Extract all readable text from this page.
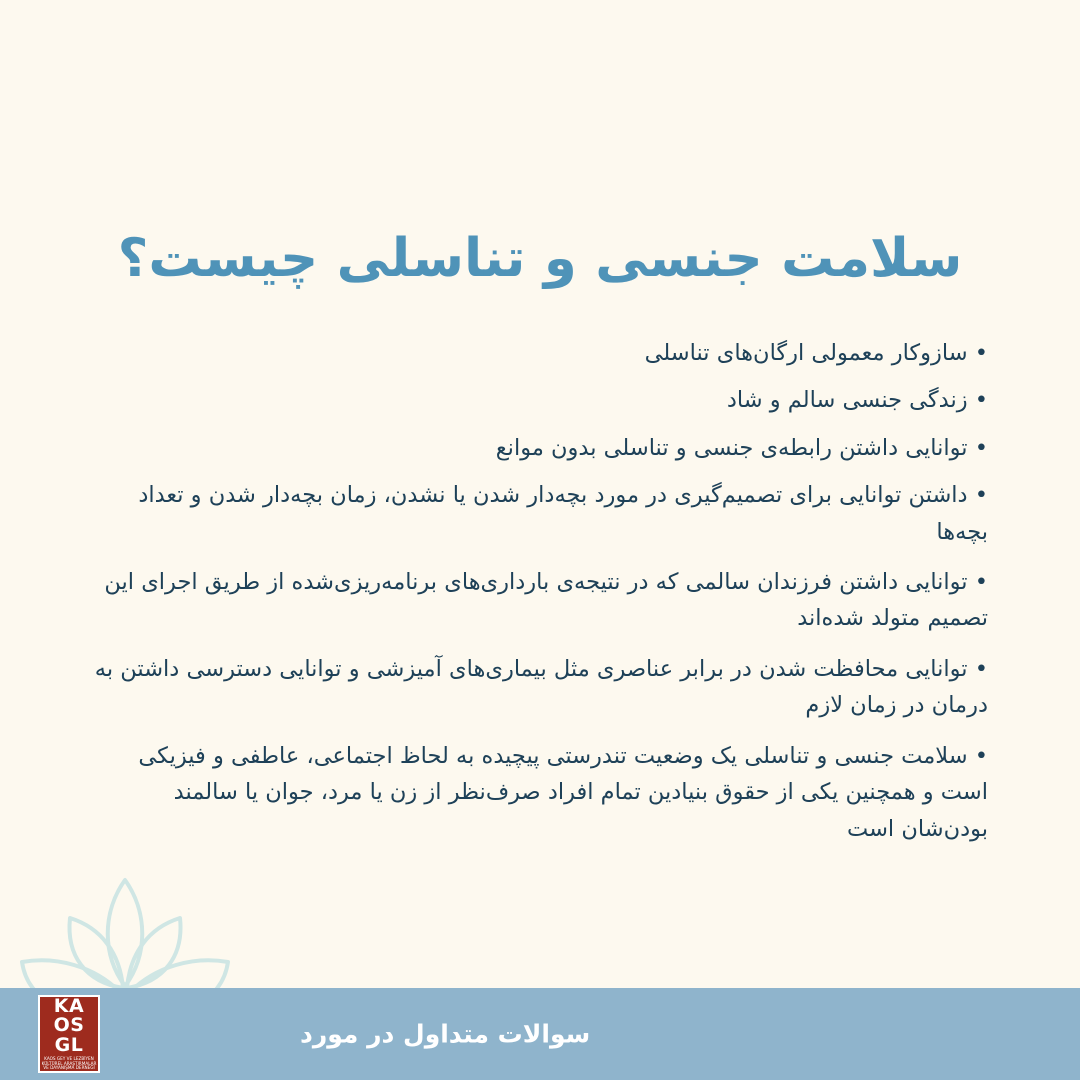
سلامت جنسی و تناسلی چیست؟
• سازوکار معمولی ارگان‌های تناسلی
• زندگی جنسی سالم و شاد
• توانایی داشتن رابطه‌ی جنسی و تناسلی بدون موانع
• داشتن توانایی برای تصمیم‌گیری در مورد بچه‌دار شدن یا نشدن، زمان بچه‌دار شدن و تعداد بچه‌ها
• توانایی داشتن فرزندان سالمی که در نتیجه‌ی بارداری‌های برنامه‌ریزی‌شده از طریق اجرای این تصمیم متولد شده‌اند
• توانایی محافظت شدن در برابر عناصری مثل بیماری‌های آمیزشی و توانایی دسترسی داشتن به درمان در زمان لازم
• سلامت جنسی و تناسلی یک وضعیت تندرستی پیچیده به لحاظ اجتماعی، عاطفی و فیزیکی است و همچنین یکی از حقوق بنیادین تمام افراد صرف‌نظر از زن یا مرد، جوان یا سالمند بودن‌شان است
سوالات متداول در مورد
KA
OS
GL
KAOS GEY VE LEZBİYEN KÜLTÜREL ARAŞTIRMALAR VE DAYANIŞMA DERNEĞİ
